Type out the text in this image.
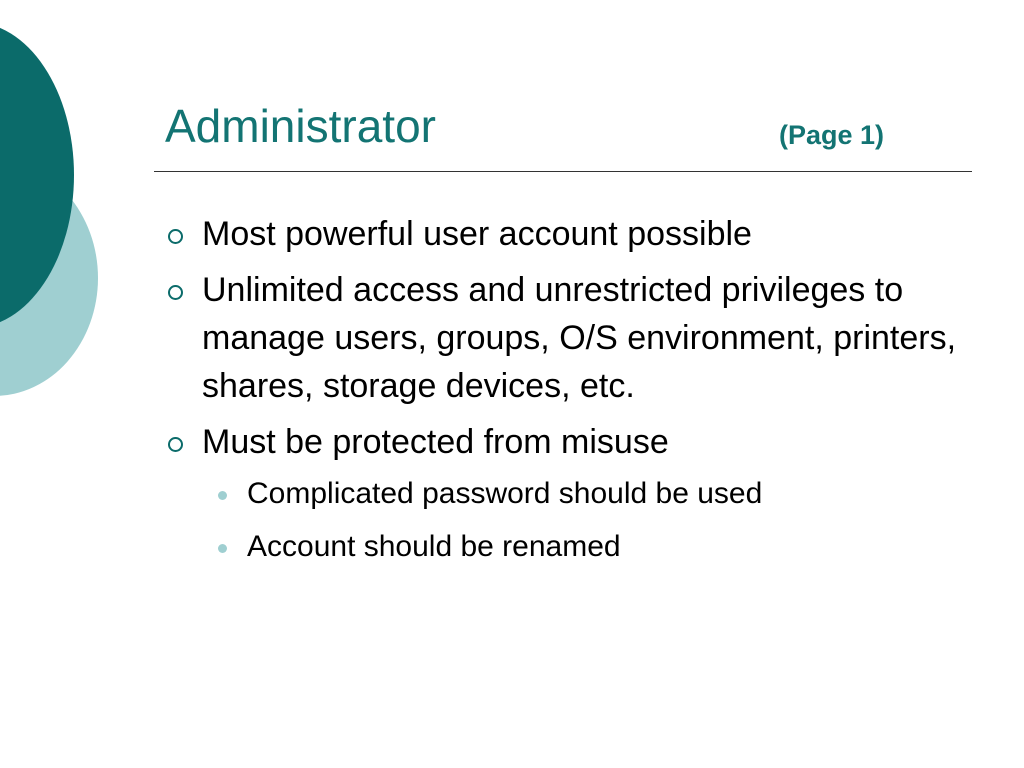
Administrator	(Page 1)
Most powerful user account possible
Unlimited access and unrestricted privileges to manage users, groups, O/S environment, printers, shares, storage devices, etc.
Must be protected from misuse
Complicated password should be used
Account should be renamed
